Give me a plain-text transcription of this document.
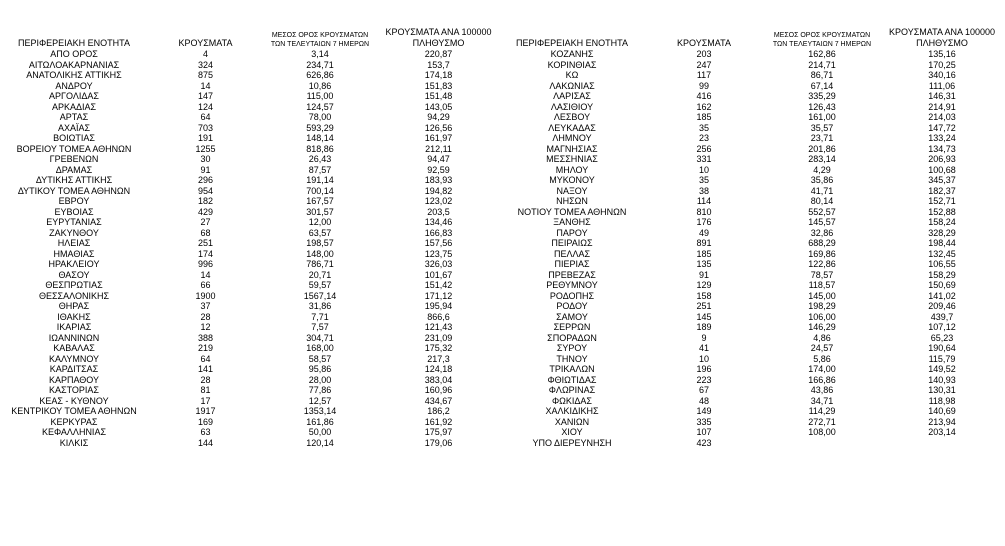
ΠΕΡΙΦΕΡΕΙΑΚΗ ΕΝΟΤΗΤΑ	ΚΡΟΥΣΜΑΤΑ	ΜΕΣΟΣ ΟΡΟΣ ΚΡΟΥΣΜΑΤΩΝ
ΤΩΝ ΤΕΛΕΥΤΑΙΩΝ 7 ΗΜΕΡΩΝ	ΚΡΟΥΣΜΑΤΑ ΑΝΑ 100000
ΠΛΗΘΥΣΜΟ
ΑΠΟ ΟΡΟΣ	4	3,14	220,87
ΑΙΤΩΛΟΑΚΑΡΝΑΝΙΑΣ	324	234,71	153,7
ΑΝΑΤΟΛΙΚΗΣ ΑΤΤΙΚΗΣ	875	626,86	174,18
ΑΝΔΡΟΥ	14	10,86	151,83
ΑΡΓΟΛΙΔΑΣ	147	115,00	151,48
ΑΡΚΑΔΙΑΣ	124	124,57	143,05
ΑΡΤΑΣ	64	78,00	94,29
ΑΧΑΪΑΣ	703	593,29	126,56
ΒΟΙΩΤΙΑΣ	191	148,14	161,97
ΒΟΡΕΙΟΥ ΤΟΜΕΑ ΑΘΗΝΩΝ	1255	818,86	212,11
ΓΡΕΒΕΝΩΝ	30	26,43	94,47
ΔΡΑΜΑΣ	91	87,57	92,59
ΔΥΤΙΚΗΣ ΑΤΤΙΚΗΣ	296	191,14	183,93
ΔΥΤΙΚΟΥ ΤΟΜΕΑ ΑΘΗΝΩΝ	954	700,14	194,82
ΕΒΡΟΥ	182	167,57	123,02
ΕΥΒΟΙΑΣ	429	301,57	203,5
ΕΥΡΥΤΑΝΙΑΣ	27	12,00	134,46
ΖΑΚΥΝΘΟΥ	68	63,57	166,83
ΗΛΕΙΑΣ	251	198,57	157,56
ΗΜΑΘΙΑΣ	174	148,00	123,75
ΗΡΑΚΛΕΙΟΥ	996	786,71	326,03
ΘΑΣΟΥ	14	20,71	101,67
ΘΕΣΠΡΩΤΙΑΣ	66	59,57	151,42
ΘΕΣΣΑΛΟΝΙΚΗΣ	1900	1567,14	171,12
ΘΗΡΑΣ	37	31,86	195,94
ΙΘΑΚΗΣ	28	7,71	866,6
ΙΚΑΡΙΑΣ	12	7,57	121,43
ΙΩΑΝΝΙΝΩΝ	388	304,71	231,09
ΚΑΒΑΛΑΣ	219	168,00	175,32
ΚΑΛΥΜΝΟΥ	64	58,57	217,3
ΚΑΡΔΙΤΣΑΣ	141	95,86	124,18
ΚΑΡΠΑΘΟΥ	28	28,00	383,04
ΚΑΣΤΟΡΙΑΣ	81	77,86	160,96
ΚΕΑΣ - ΚΥΘΝΟΥ	17	12,57	434,67
ΚΕΝΤΡΙΚΟΥ ΤΟΜΕΑ ΑΘΗΝΩΝ	1917	1353,14	186,2
ΚΕΡΚΥΡΑΣ	169	161,86	161,92
ΚΕΦΑΛΛΗΝΙΑΣ	63	50,00	175,97
ΚΙΛΚΙΣ	144	120,14	179,06
ΠΕΡΙΦΕΡΕΙΑΚΗ ΕΝΟΤΗΤΑ	ΚΡΟΥΣΜΑΤΑ	ΜΕΣΟΣ ΟΡΟΣ ΚΡΟΥΣΜΑΤΩΝ
ΤΩΝ ΤΕΛΕΥΤΑΙΩΝ 7 ΗΜΕΡΩΝ	ΚΡΟΥΣΜΑΤΑ ΑΝΑ 100000
ΠΛΗΘΥΣΜΟ
ΚΟΖΑΝΗΣ	203	162,86	135,16
ΚΟΡΙΝΘΙΑΣ	247	214,71	170,25
ΚΩ	117	86,71	340,16
ΛΑΚΩΝΙΑΣ	99	67,14	111,06
ΛΑΡΙΣΑΣ	416	335,29	146,31
ΛΑΣΙΘΙΟΥ	162	126,43	214,91
ΛΕΣΒΟΥ	185	161,00	214,03
ΛΕΥΚΑΔΑΣ	35	35,57	147,72
ΛΗΜΝΟΥ	23	23,71	133,24
ΜΑΓΝΗΣΙΑΣ	256	201,86	134,73
ΜΕΣΣΗΝΙΑΣ	331	283,14	206,93
ΜΗΛΟΥ	10	4,29	100,68
ΜΥΚΟΝΟΥ	35	35,86	345,37
ΝΑΞΟΥ	38	41,71	182,37
ΝΗΣΩΝ	114	80,14	152,71
ΝΟΤΙΟΥ ΤΟΜΕΑ ΑΘΗΝΩΝ	810	552,57	152,88
ΞΑΝΘΗΣ	176	145,57	158,24
ΠΑΡΟΥ	49	32,86	328,29
ΠΕΙΡΑΙΩΣ	891	688,29	198,44
ΠΕΛΛΑΣ	185	169,86	132,45
ΠΙΕΡΙΑΣ	135	122,86	106,55
ΠΡΕΒΕΖΑΣ	91	78,57	158,29
ΡΕΘΥΜΝΟΥ	129	118,57	150,69
ΡΟΔΟΠΗΣ	158	145,00	141,02
ΡΟΔΟΥ	251	198,29	209,46
ΣΑΜΟΥ	145	106,00	439,7
ΣΕΡΡΩΝ	189	146,29	107,12
ΣΠΟΡΑΔΩΝ	9	4,86	65,23
ΣΥΡΟΥ	41	24,57	190,64
ΤΗΝΟΥ	10	5,86	115,79
ΤΡΙΚΑΛΩΝ	196	174,00	149,52
ΦΘΙΩΤΙΔΑΣ	223	166,86	140,93
ΦΛΩΡΙΝΑΣ	67	43,86	130,31
ΦΩΚΙΔΑΣ	48	34,71	118,98
ΧΑΛΚΙΔΙΚΗΣ	149	114,29	140,69
ΧΑΝΙΩΝ	335	272,71	213,94
ΧΙΟΥ	107	108,00	203,14
ΥΠΟ ΔΙΕΡΕΥΝΗΣΗ	423		
